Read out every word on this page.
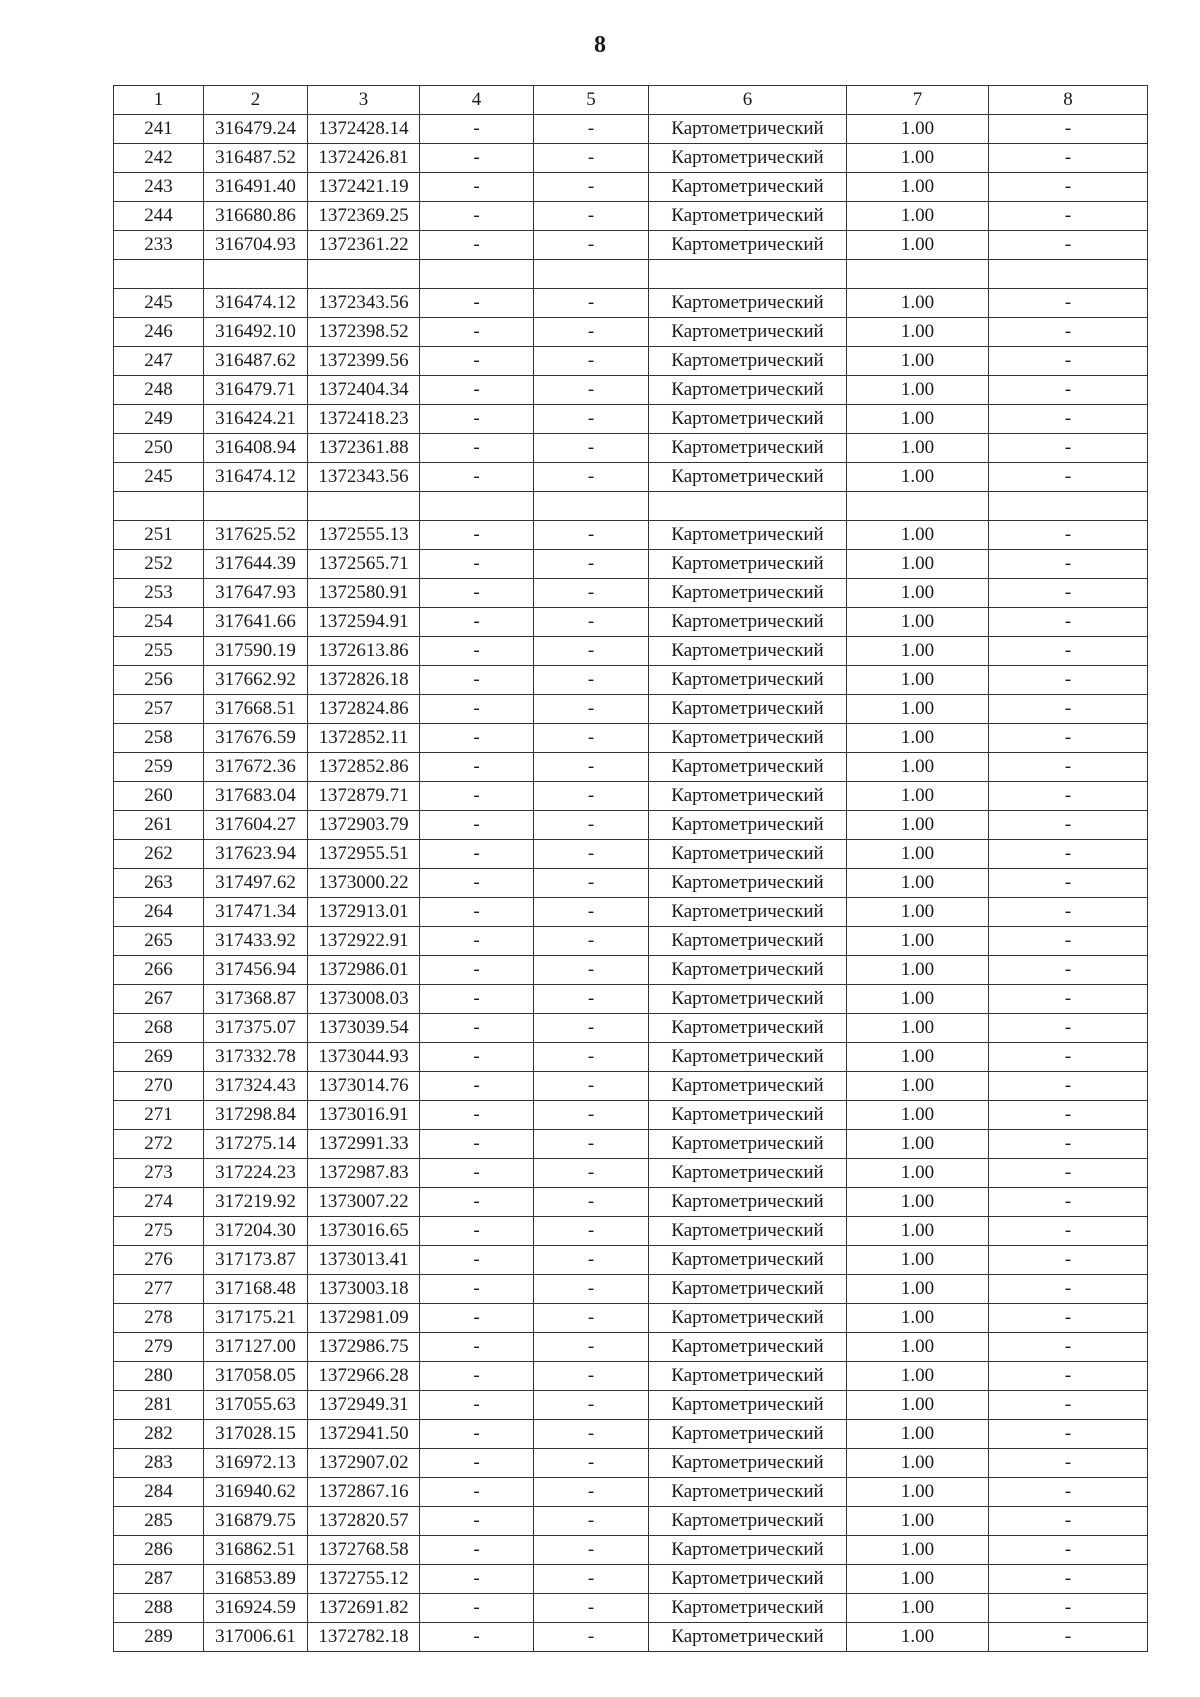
8
1	2	3	4	5	6	7	8
241	316479.24	1372428.14	-	-	Картометрический	1.00	-
242	316487.52	1372426.81	-	-	Картометрический	1.00	-
243	316491.40	1372421.19	-	-	Картометрический	1.00	-
244	316680.86	1372369.25	-	-	Картометрический	1.00	-
233	316704.93	1372361.22	-	-	Картометрический	1.00	-

245	316474.12	1372343.56	-	-	Картометрический	1.00	-
246	316492.10	1372398.52	-	-	Картометрический	1.00	-
247	316487.62	1372399.56	-	-	Картометрический	1.00	-
248	316479.71	1372404.34	-	-	Картометрический	1.00	-
249	316424.21	1372418.23	-	-	Картометрический	1.00	-
250	316408.94	1372361.88	-	-	Картометрический	1.00	-
245	316474.12	1372343.56	-	-	Картометрический	1.00	-

251	317625.52	1372555.13	-	-	Картометрический	1.00	-
252	317644.39	1372565.71	-	-	Картометрический	1.00	-
253	317647.93	1372580.91	-	-	Картометрический	1.00	-
254	317641.66	1372594.91	-	-	Картометрический	1.00	-
255	317590.19	1372613.86	-	-	Картометрический	1.00	-
256	317662.92	1372826.18	-	-	Картометрический	1.00	-
257	317668.51	1372824.86	-	-	Картометрический	1.00	-
258	317676.59	1372852.11	-	-	Картометрический	1.00	-
259	317672.36	1372852.86	-	-	Картометрический	1.00	-
260	317683.04	1372879.71	-	-	Картометрический	1.00	-
261	317604.27	1372903.79	-	-	Картометрический	1.00	-
262	317623.94	1372955.51	-	-	Картометрический	1.00	-
263	317497.62	1373000.22	-	-	Картометрический	1.00	-
264	317471.34	1372913.01	-	-	Картометрический	1.00	-
265	317433.92	1372922.91	-	-	Картометрический	1.00	-
266	317456.94	1372986.01	-	-	Картометрический	1.00	-
267	317368.87	1373008.03	-	-	Картометрический	1.00	-
268	317375.07	1373039.54	-	-	Картометрический	1.00	-
269	317332.78	1373044.93	-	-	Картометрический	1.00	-
270	317324.43	1373014.76	-	-	Картометрический	1.00	-
271	317298.84	1373016.91	-	-	Картометрический	1.00	-
272	317275.14	1372991.33	-	-	Картометрический	1.00	-
273	317224.23	1372987.83	-	-	Картометрический	1.00	-
274	317219.92	1373007.22	-	-	Картометрический	1.00	-
275	317204.30	1373016.65	-	-	Картометрический	1.00	-
276	317173.87	1373013.41	-	-	Картометрический	1.00	-
277	317168.48	1373003.18	-	-	Картометрический	1.00	-
278	317175.21	1372981.09	-	-	Картометрический	1.00	-
279	317127.00	1372986.75	-	-	Картометрический	1.00	-
280	317058.05	1372966.28	-	-	Картометрический	1.00	-
281	317055.63	1372949.31	-	-	Картометрический	1.00	-
282	317028.15	1372941.50	-	-	Картометрический	1.00	-
283	316972.13	1372907.02	-	-	Картометрический	1.00	-
284	316940.62	1372867.16	-	-	Картометрический	1.00	-
285	316879.75	1372820.57	-	-	Картометрический	1.00	-
286	316862.51	1372768.58	-	-	Картометрический	1.00	-
287	316853.89	1372755.12	-	-	Картометрический	1.00	-
288	316924.59	1372691.82	-	-	Картометрический	1.00	-
289	317006.61	1372782.18	-	-	Картометрический	1.00	-
